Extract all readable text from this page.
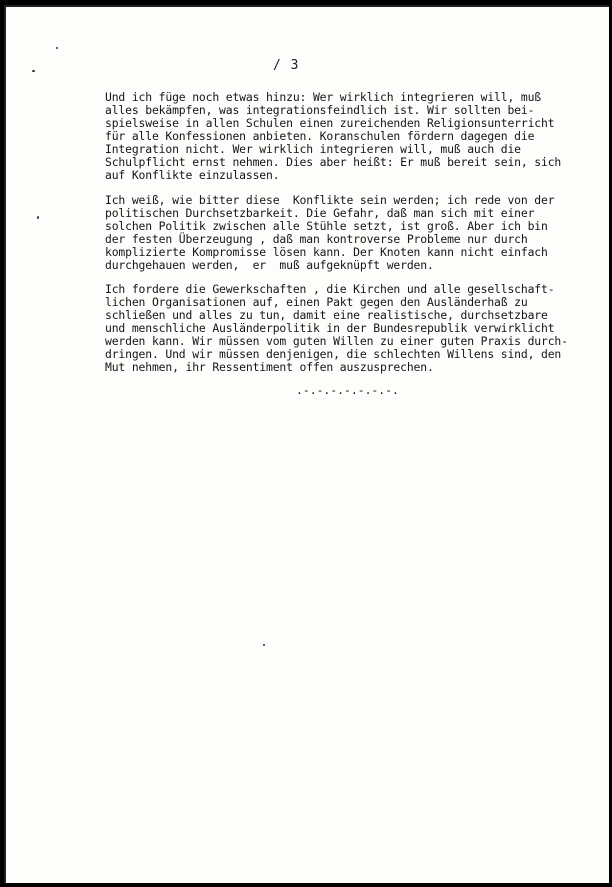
/ 3
Und ich füge noch etwas hinzu: Wer wirklich integrieren will, muß
alles bekämpfen, was integrationsfeindlich ist. Wir sollten bei-
spielsweise in allen Schulen einen zureichenden Religionsunterricht
für alle Konfessionen anbieten. Koranschulen fördern dagegen die
Integration nicht. Wer wirklich integrieren will, muß auch die
Schulpflicht ernst nehmen. Dies aber heißt: Er muß bereit sein, sich
auf Konflikte einzulassen.
Ich weiß, wie bitter diese  Konflikte sein werden; ich rede von der
politischen Durchsetzbarkeit. Die Gefahr, daß man sich mit einer
solchen Politik zwischen alle Stühle setzt, ist groß. Aber ich bin
der festen Überzeugung , daß man kontroverse Probleme nur durch
komplizierte Kompromisse lösen kann. Der Knoten kann nicht einfach
durchgehauen werden,  er  muß aufgeknüpft werden.
Ich fordere die Gewerkschaften , die Kirchen und alle gesellschaft-
lichen Organisationen auf, einen Pakt gegen den Ausländerhaß zu
schließen und alles zu tun, damit eine realistische, durchsetzbare
und menschliche Ausländerpolitik in der Bundesrepublik verwirklicht
werden kann. Wir müssen vom guten Willen zu einer guten Praxis durch-
dringen. Und wir müssen denjenigen, die schlechten Willens sind, den
Mut nehmen, ihr Ressentiment offen auszusprechen.
.-.-.-.-.-.-.-.
